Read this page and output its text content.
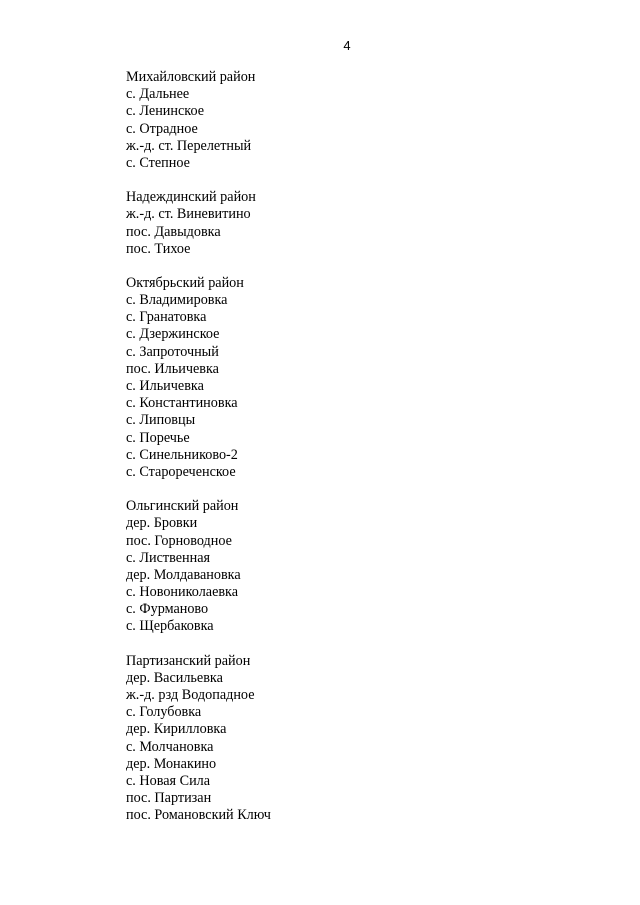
4
Михайловский район
с. Дальнее
с. Ленинское
с. Отрадное
ж.-д. ст. Перелетный
с. Степное
Надеждинский район
ж.-д. ст. Виневитино
пос. Давыдовка
пос. Тихое
Октябрьский район
с. Владимировка
с. Гранатовка
с. Дзержинское
с. Запроточный
пос. Ильичевка
с. Ильичевка
с. Константиновка
с. Липовцы
с. Поречье
с. Синельниково-2
с. Старореченское
Ольгинский район
дер. Бровки
пос. Горноводное
с. Лиственная
дер. Молдавановка
с. Новониколаевка
с. Фурманово
с. Щербаковка
Партизанский район
дер. Васильевка
ж.-д. рзд Водопадное
с. Голубовка
дер. Кирилловка
с. Молчановка
дер. Монакино
с. Новая Сила
пос. Партизан
пос. Романовский Ключ
